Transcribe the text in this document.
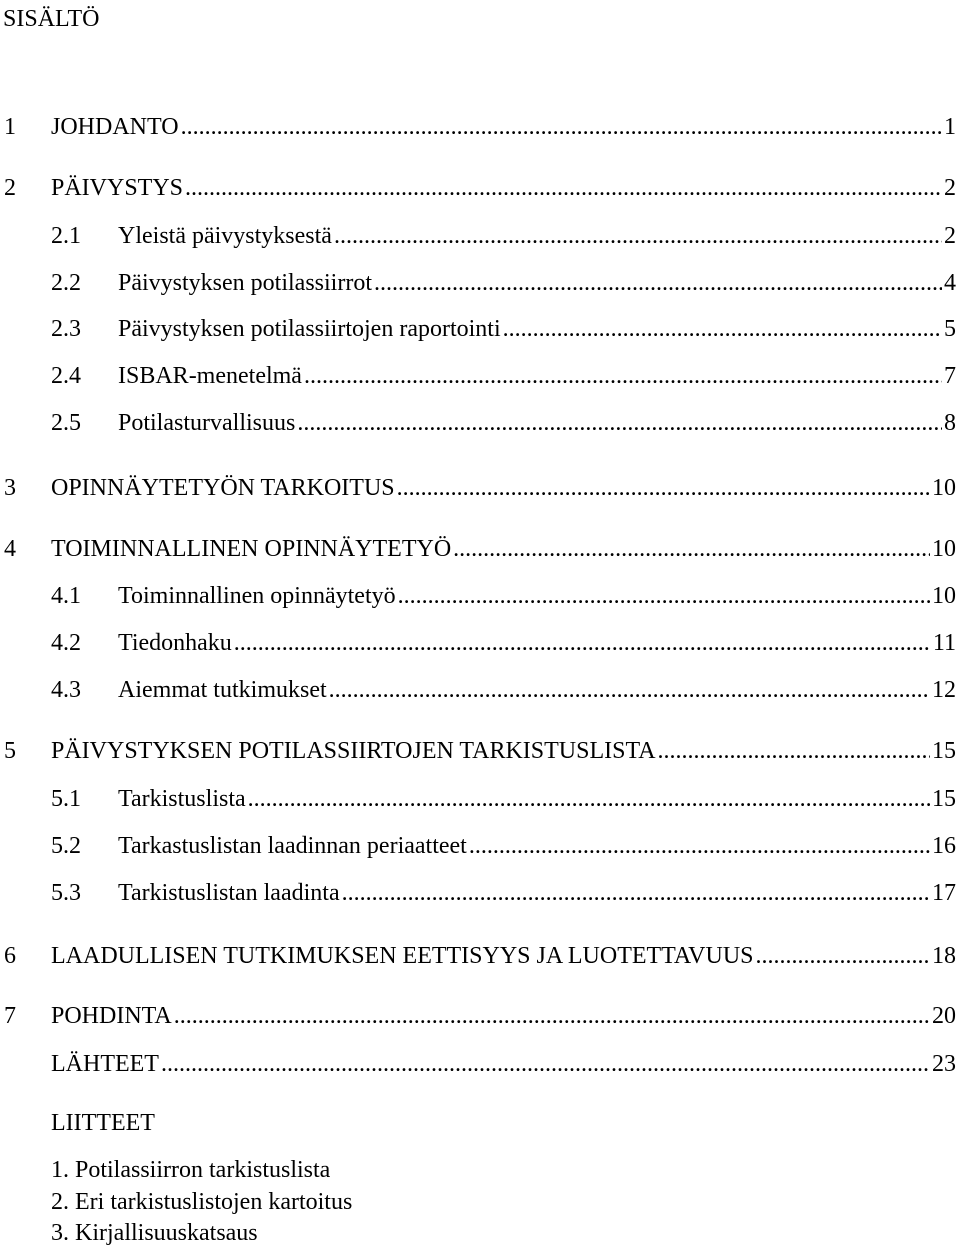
SISÄLTÖ
1 JOHDANTO .....	1
2 PÄIVYSTYS .....	2
2.1 Yleistä päivystyksestä .....	2
2.2 Päivystyksen potilassiirrot .....	4
2.3 Päivystyksen potilassiirtojen raportointi .....	5
2.4 ISBAR-menetelmä .....	7
2.5 Potilasturvallisuus .....	8
3 OPINNÄYTETYÖN TARKOITUS .....	10
4 TOIMINNALLINEN OPINNÄYTETYÖ .....	10
4.1 Toiminnallinen opinnäytetyö .....	10
4.2 Tiedonhaku .....	11
4.3 Aiemmat tutkimukset .....	12
5 PÄIVYSTYKSEN POTILASSIIRTOJEN TARKISTUSLISTA .....	15
5.1 Tarkistuslista .....	15
5.2 Tarkastuslistan laadinnan periaatteet .....	16
5.3 Tarkistuslistan laadinta .....	17
6 LAADULLISEN TUTKIMUKSEN EETTISYYS JA LUOTETTAVUUS .....	18
7 POHDINTA .....	20
LÄHTEET .....	23
LIITTEET
1. Potilassiirron tarkistuslista
2. Eri tarkistuslistojen kartoitus
3. Kirjallisuuskatsaus
